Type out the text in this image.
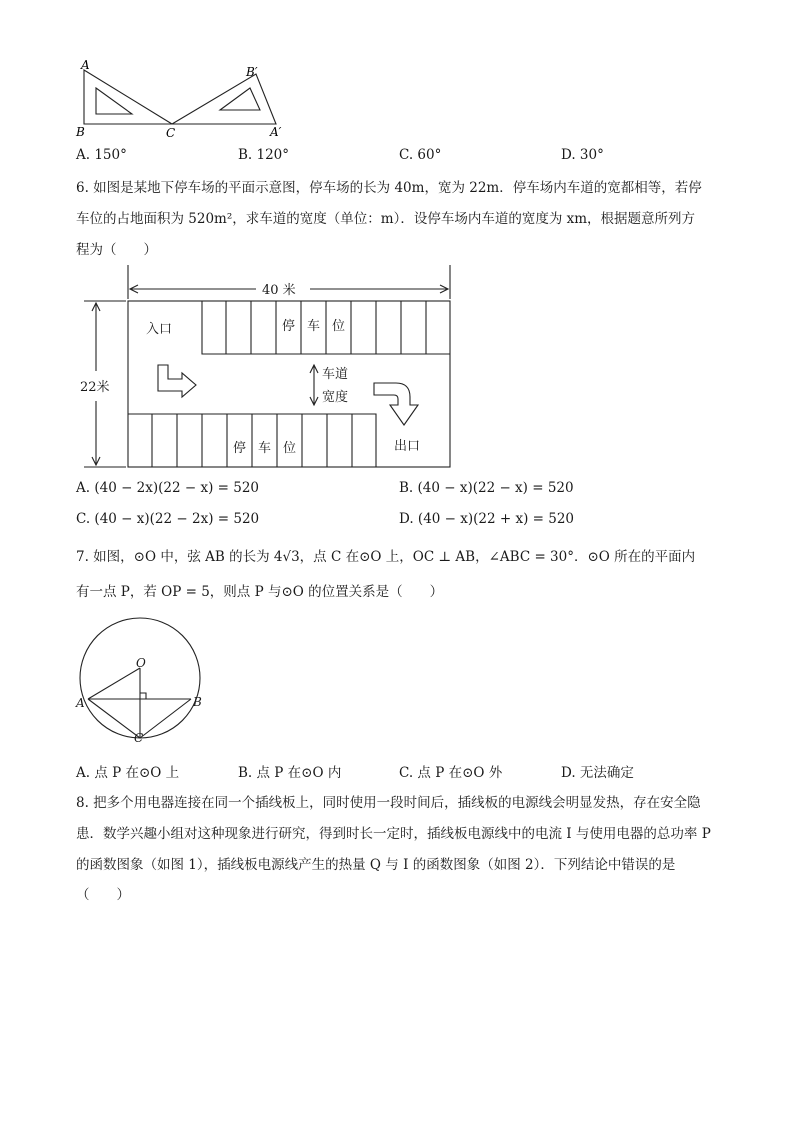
A
B	C
B′
A′
A. 150°	B. 120°	C. 60°	D. 30°
6. 如图是某地下停车场的平面示意图，停车场的长为 40m，宽为 22m．停车场内车道的宽都相等，若停
车位的占地面积为 520m²，求车道的宽度（单位：m）．设停车场内车道的宽度为 xm，根据题意所列方
程为（　　）
40 米
22米
入口
出口
车道
宽度
停 车 位
停 车 位
A. (40 − 2x)(22 − x) = 520	B. (40 − x)(22 − x) = 520
C. (40 − x)(22 − 2x) = 520	D. (40 − x)(22 + x) = 520
7. 如图，⊙O 中，弦 AB 的长为 4√3，点 C 在⊙O 上，OC ⊥ AB，∠ABC = 30°．⊙O 所在的平面内
有一点 P，若 OP = 5，则点 P 与⊙O 的位置关系是（　　）
O
A	B
C
A. 点 P 在⊙O 上	B. 点 P 在⊙O 内	C. 点 P 在⊙O 外	D. 无法确定
8. 把多个用电器连接在同一个插线板上，同时使用一段时间后，插线板的电源线会明显发热，存在安全隐
患．数学兴趣小组对这种现象进行研究，得到时长一定时，插线板电源线中的电流 I 与使用电器的总功率 P
的函数图象（如图 1），插线板电源线产生的热量 Q 与 I 的函数图象（如图 2）．下列结论中错误的是
（　　）
